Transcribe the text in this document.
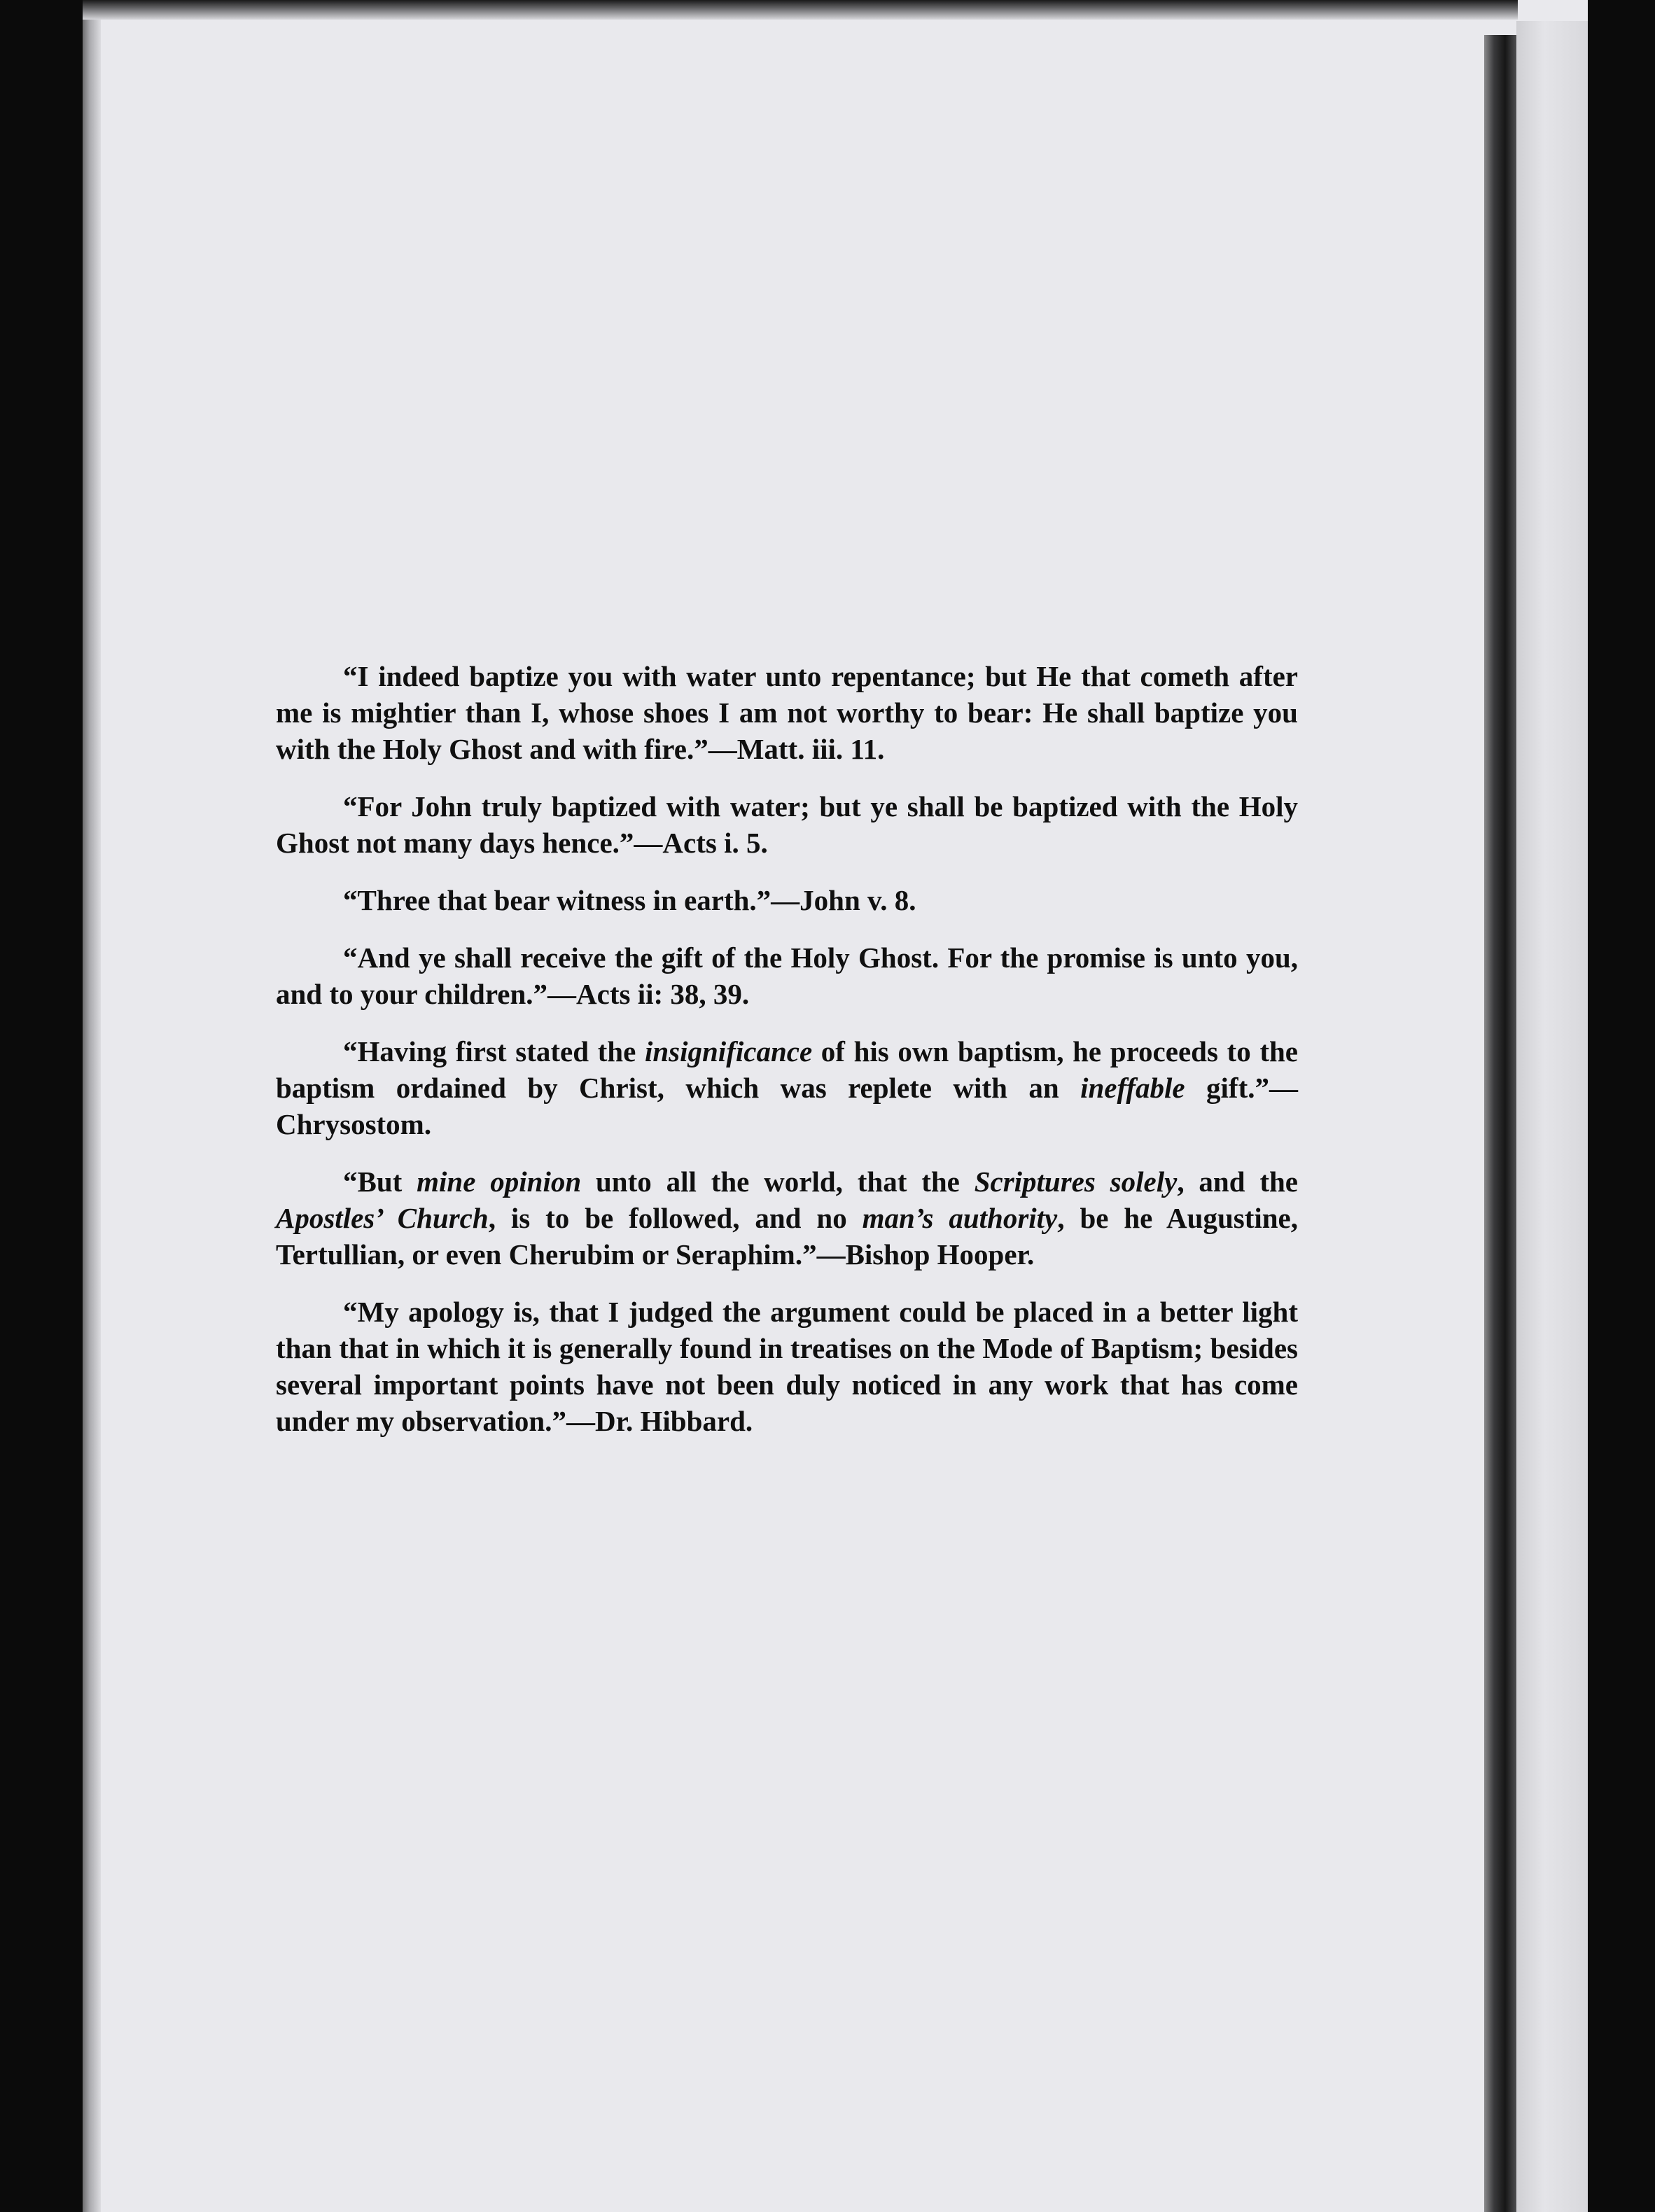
“I indeed baptize you with water unto repentance; but He that cometh after me is mightier than I, whose shoes I am not worthy to bear: He shall baptize you with the Holy Ghost and with fire.”—Matt. iii. 11.

“For John truly baptized with water; but ye shall be baptized with the Holy Ghost not many days hence.”—Acts i. 5.

“Three that bear witness in earth.”—John v. 8.

“And ye shall receive the gift of the Holy Ghost. For the promise is unto you, and to your children.”—Acts ii: 38, 39.

“Having first stated the insignificance of his own baptism, he proceeds to the baptism ordained by Christ, which was replete with an ineffable gift.”—Chrysostom.

“But mine opinion unto all the world, that the Scriptures solely, and the Apostles’ Church, is to be followed, and no man’s authority, be he Augustine, Tertullian, or even Cherubim or Seraphim.”—Bishop Hooper.

“My apology is, that I judged the argument could be placed in a better light than that in which it is generally found in treatises on the Mode of Baptism; besides several important points have not been duly noticed in any work that has come under my observation.”—Dr. Hibbard.
